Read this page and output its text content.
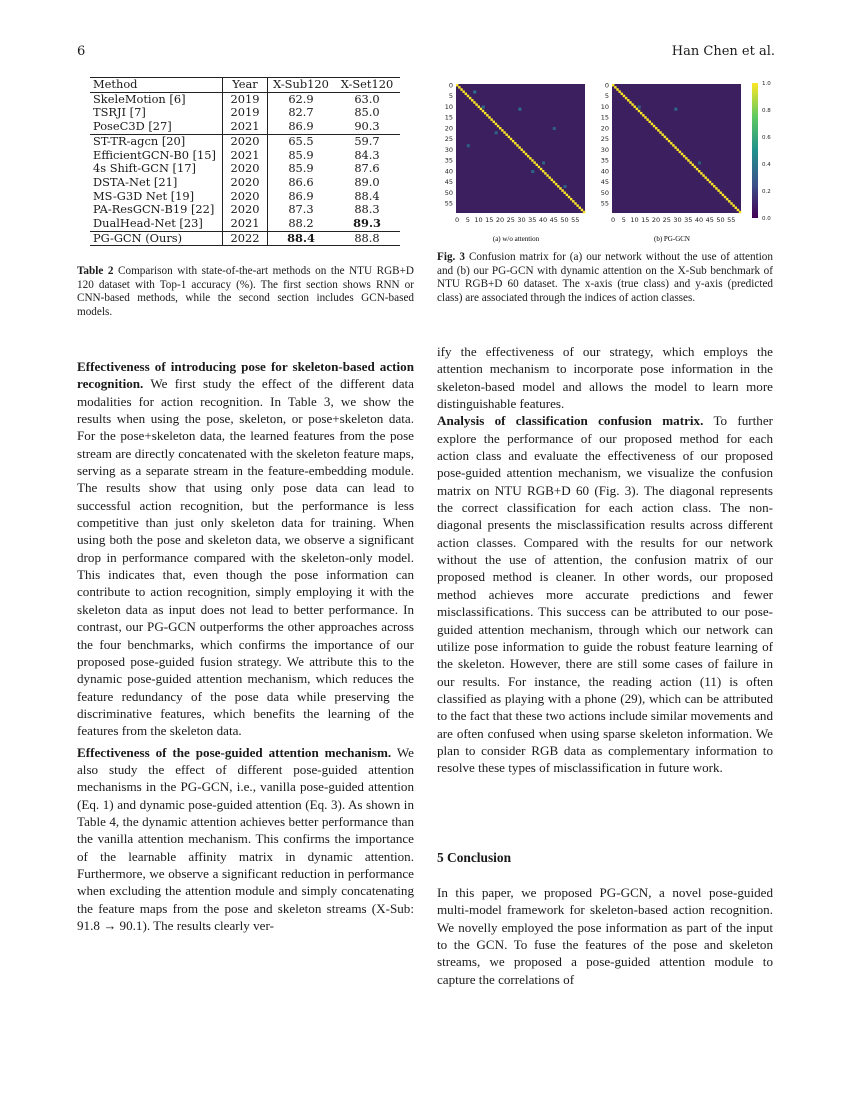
6	Han Chen et al.
Method	Year	X-Sub120	X-Set120
SkeleMotion [6]	2019	62.9	63.0
TSRJI [7]	2019	82.7	85.0
PoseC3D [27]	2021	86.9	90.3
ST-TR-agcn [20]	2020	65.5	59.7
EfficientGCN-B0 [15]	2021	85.9	84.3
4s Shift-GCN [17]	2020	85.9	87.6
DSTA-Net [21]	2020	86.6	89.0
MS-G3D Net [19]	2020	86.9	88.4
PA-ResGCN-B19 [22]	2020	87.3	88.3
DualHead-Net [23]	2021	88.2	89.3
PG-GCN (Ours)	2022	88.4	88.8
Table 2 Comparison with state-of-the-art methods on the NTU RGB+D 120 dataset with Top-1 accuracy (%). The first section shows RNN or CNN-based methods, while the second section includes GCN-based models.
(a) w/o attention	(b) PG-GCN
0
5
10
15
20
25
30
35
40
45
50
55
0 5 10 15 20 25 30 35 40 45 50 55
0
5
10
15
20
25
30
35
40
45
50
55
0 5 10 15 20 25 30 35 40 45 50 55
1.0
0.8
0.6
0.4
0.2
0.0
Fig. 3 Confusion matrix for (a) our network without the use of attention and (b) our PG-GCN with dynamic attention on the X-Sub benchmark of NTU RGB+D 60 dataset. The x-axis (true class) and y-axis (predicted class) are associated through the indices of action classes.

Effectiveness of introducing pose for skeleton-based action recognition. We first study the effect of the different data modalities for action recognition. In Table 3, we show the results when using the pose, skeleton, or pose+skeleton data. For the pose+skeleton data, the learned features from the pose stream are directly concatenated with the skeleton feature maps, serving as a separate stream in the feature-embedding module. The results show that using only pose data can lead to successful action recognition, but the performance is less competitive than just only skeleton data for training. When using both the pose and skeleton data, we observe a significant drop in performance compared with the skeleton-only model. This indicates that, even though the pose information can contribute to action recognition, simply employing it with the skeleton data as input does not lead to better performance. In contrast, our PG-GCN outperforms the other approaches across the four benchmarks, which confirms the importance of our proposed pose-guided fusion strategy. We attribute this to the dynamic pose-guided attention mechanism, which reduces the feature redundancy of the pose data while preserving the discriminative features, which benefits the learning of the features from the skeleton data.

Effectiveness of the pose-guided attention mechanism. We also study the effect of different pose-guided attention mechanisms in the PG-GCN, i.e., vanilla pose-guided attention (Eq. 1) and dynamic pose-guided attention (Eq. 3). As shown in Table 4, the dynamic attention achieves better performance than the vanilla attention mechanism. This confirms the importance of the learnable affinity matrix in dynamic attention. Furthermore, we observe a significant reduction in performance when excluding the attention module and simply concatenating the feature maps from the pose and skeleton streams (X-Sub: 91.8 → 90.1). The results clearly ver-

ify the effectiveness of our strategy, which employs the attention mechanism to incorporate pose information in the skeleton-based model and allows the model to learn more distinguishable features.

Analysis of classification confusion matrix. To further explore the performance of our proposed method for each action class and evaluate the effectiveness of our proposed pose-guided attention mechanism, we visualize the confusion matrix on NTU RGB+D 60 (Fig. 3). The diagonal represents the correct classification for each action class. The non-diagonal presents the misclassification results across different action classes. Compared with the results for our network without the use of attention, the confusion matrix of our proposed method is cleaner. In other words, our proposed method achieves more accurate predictions and fewer misclassifications. This success can be attributed to our pose-guided attention mechanism, through which our network can utilize pose information to guide the robust feature learning of the skeleton. However, there are still some cases of failure in our results. For instance, the reading action (11) is often classified as playing with a phone (29), which can be attributed to the fact that these two actions include similar movements and are often confused when using sparse skeleton information. We plan to consider RGB data as complementary information to resolve these types of misclassification in future work.

5 Conclusion

In this paper, we proposed PG-GCN, a novel pose-guided multi-model framework for skeleton-based action recognition. We novelly employed the pose information as part of the input to the GCN. To fuse the features of the pose and skeleton streams, we proposed a pose-guided attention module to capture the correlations of
